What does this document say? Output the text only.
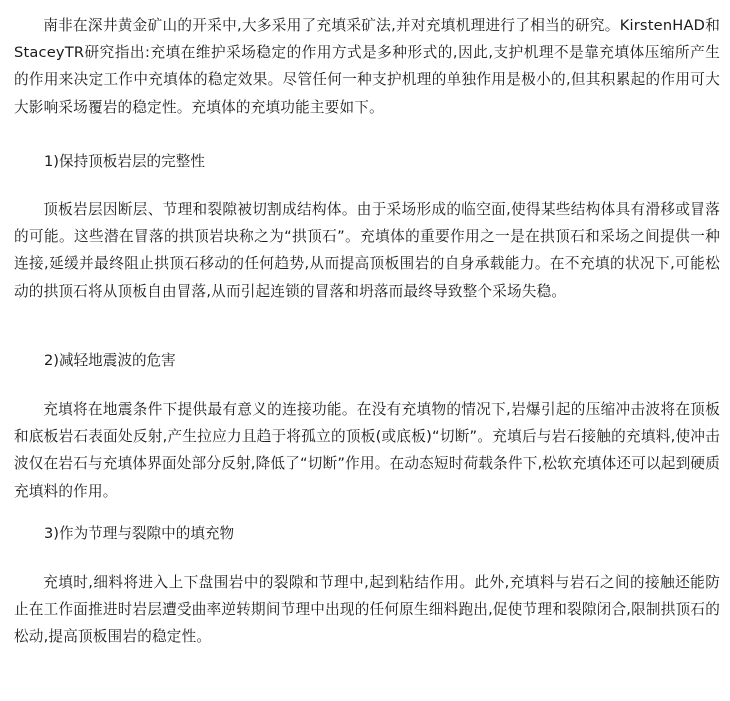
南非在深井黄金矿山的开采中,大多采用了充填采矿法,并对充填机理进行了相当的研究。KirstenHAD和StaceyTR研究指出:充填在维护采场稳定的作用方式是多种形式的,因此,支护机理不是靠充填体压缩所产生的作用来决定工作中充填体的稳定效果。尽管任何一种支护机理的单独作用是极小的,但其积累起的作用可大大影响采场覆岩的稳定性。充填体的充填功能主要如下。

1)保持顶板岩层的完整性

顶板岩层因断层、节理和裂隙被切割成结构体。由于采场形成的临空面,使得某些结构体具有滑移或冒落的可能。这些潜在冒落的拱顶岩块称之为“拱顶石”。充填体的重要作用之一是在拱顶石和采场之间提供一种连接,延缓并最终阻止拱顶石移动的任何趋势,从而提高顶板围岩的自身承载能力。在不充填的状况下,可能松动的拱顶石将从顶板自由冒落,从而引起连锁的冒落和坍落而最终导致整个采场失稳。

2)减轻地震波的危害

充填将在地震条件下提供最有意义的连接功能。在没有充填物的情况下,岩爆引起的压缩冲击波将在顶板和底板岩石表面处反射,产生拉应力且趋于将孤立的顶板(或底板)“切断”。充填后与岩石接触的充填料,使冲击波仅在岩石与充填体界面处部分反射,降低了“切断”作用。在动态短时荷载条件下,松软充填体还可以起到硬质充填料的作用。

3)作为节理与裂隙中的填充物

充填时,细料将进入上下盘围岩中的裂隙和节理中,起到粘结作用。此外,充填料与岩石之间的接触还能防止在工作面推进时岩层遭受曲率逆转期间节理中出现的任何原生细料跑出,促使节理和裂隙闭合,限制拱顶石的松动,提高顶板围岩的稳定性。
